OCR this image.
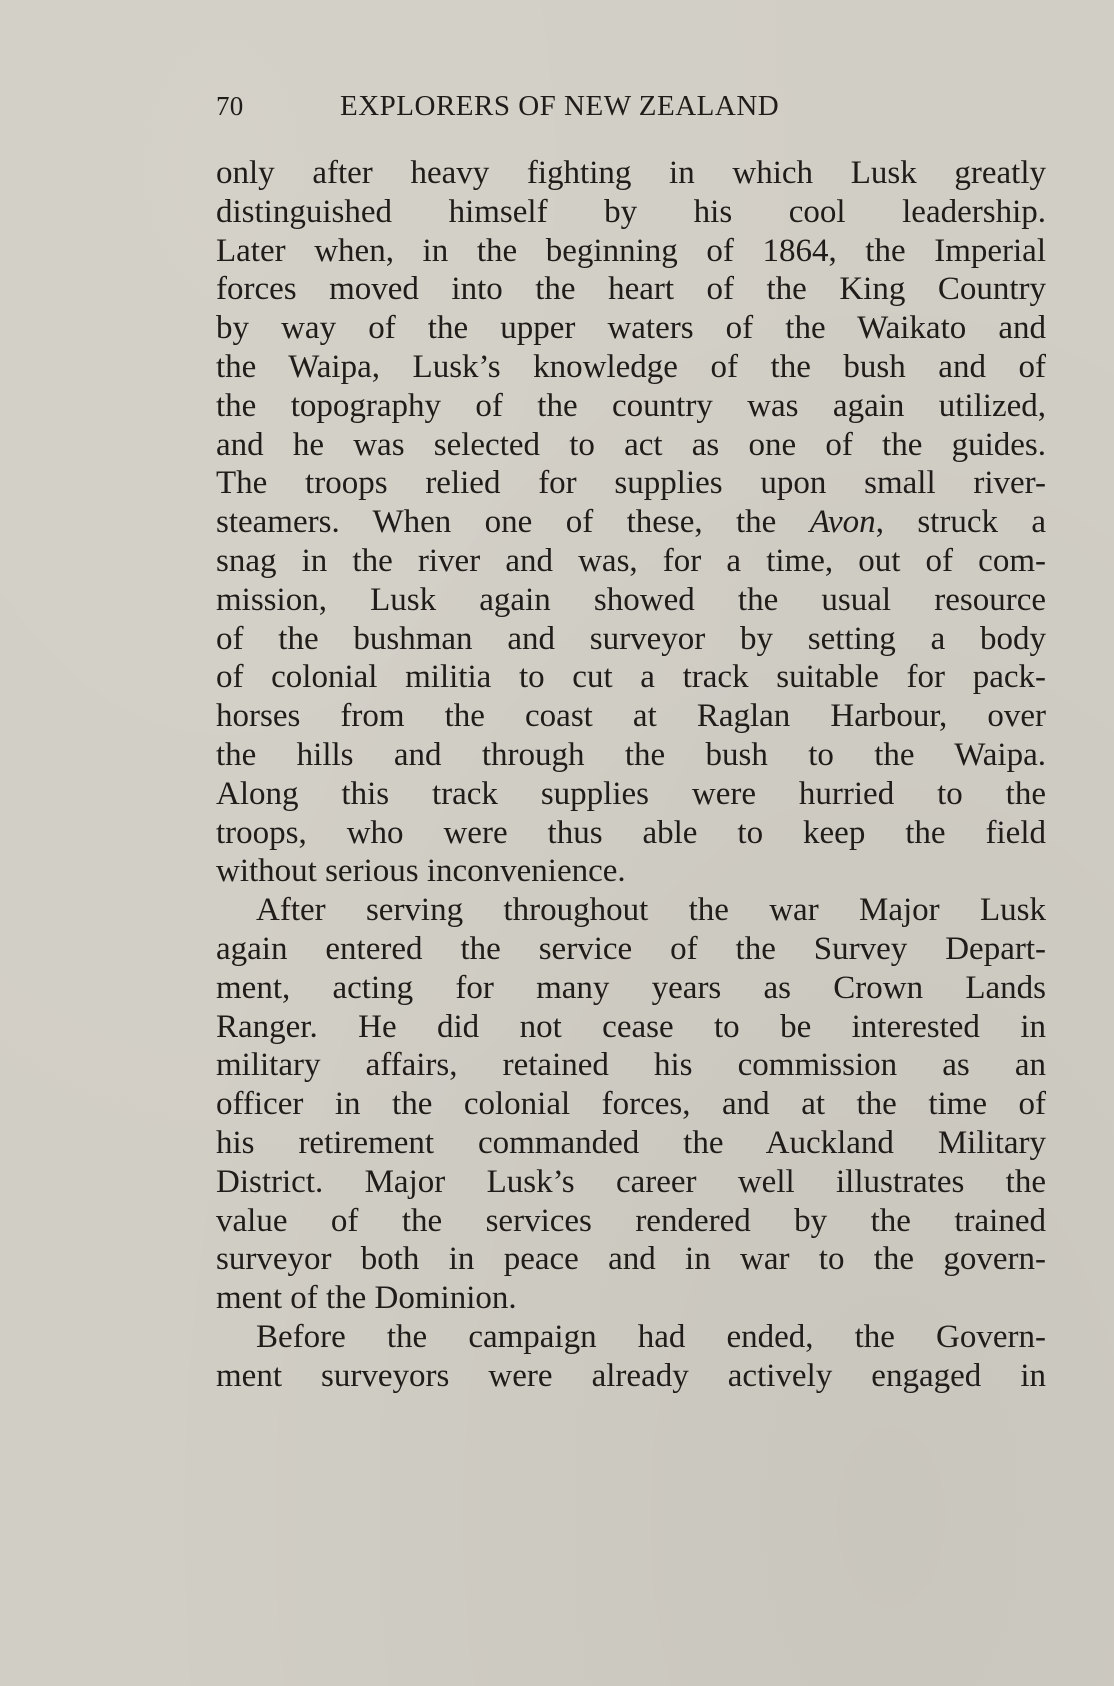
70	EXPLORERS OF NEW ZEALAND
only after heavy fighting in which Lusk greatly
distinguished himself by his cool leadership.
Later when, in the beginning of 1864, the Imperial
forces moved into the heart of the King Country
by way of the upper waters of the Waikato and
the Waipa, Lusk’s knowledge of the bush and of
the topography of the country was again utilized,
and he was selected to act as one of the guides.
The troops relied for supplies upon small river-
steamers. When one of these, the Avon, struck a
snag in the river and was, for a time, out of com-
mission, Lusk again showed the usual resource
of the bushman and surveyor by setting a body
of colonial militia to cut a track suitable for pack-
horses from the coast at Raglan Harbour, over
the hills and through the bush to the Waipa.
Along this track supplies were hurried to the
troops, who were thus able to keep the field
without serious inconvenience.
After serving throughout the war Major Lusk
again entered the service of the Survey Depart-
ment, acting for many years as Crown Lands
Ranger. He did not cease to be interested in
military affairs, retained his commission as an
officer in the colonial forces, and at the time of
his retirement commanded the Auckland Military
District. Major Lusk’s career well illustrates the
value of the services rendered by the trained
surveyor both in peace and in war to the govern-
ment of the Dominion.
Before the campaign had ended, the Govern-
ment surveyors were already actively engaged in
